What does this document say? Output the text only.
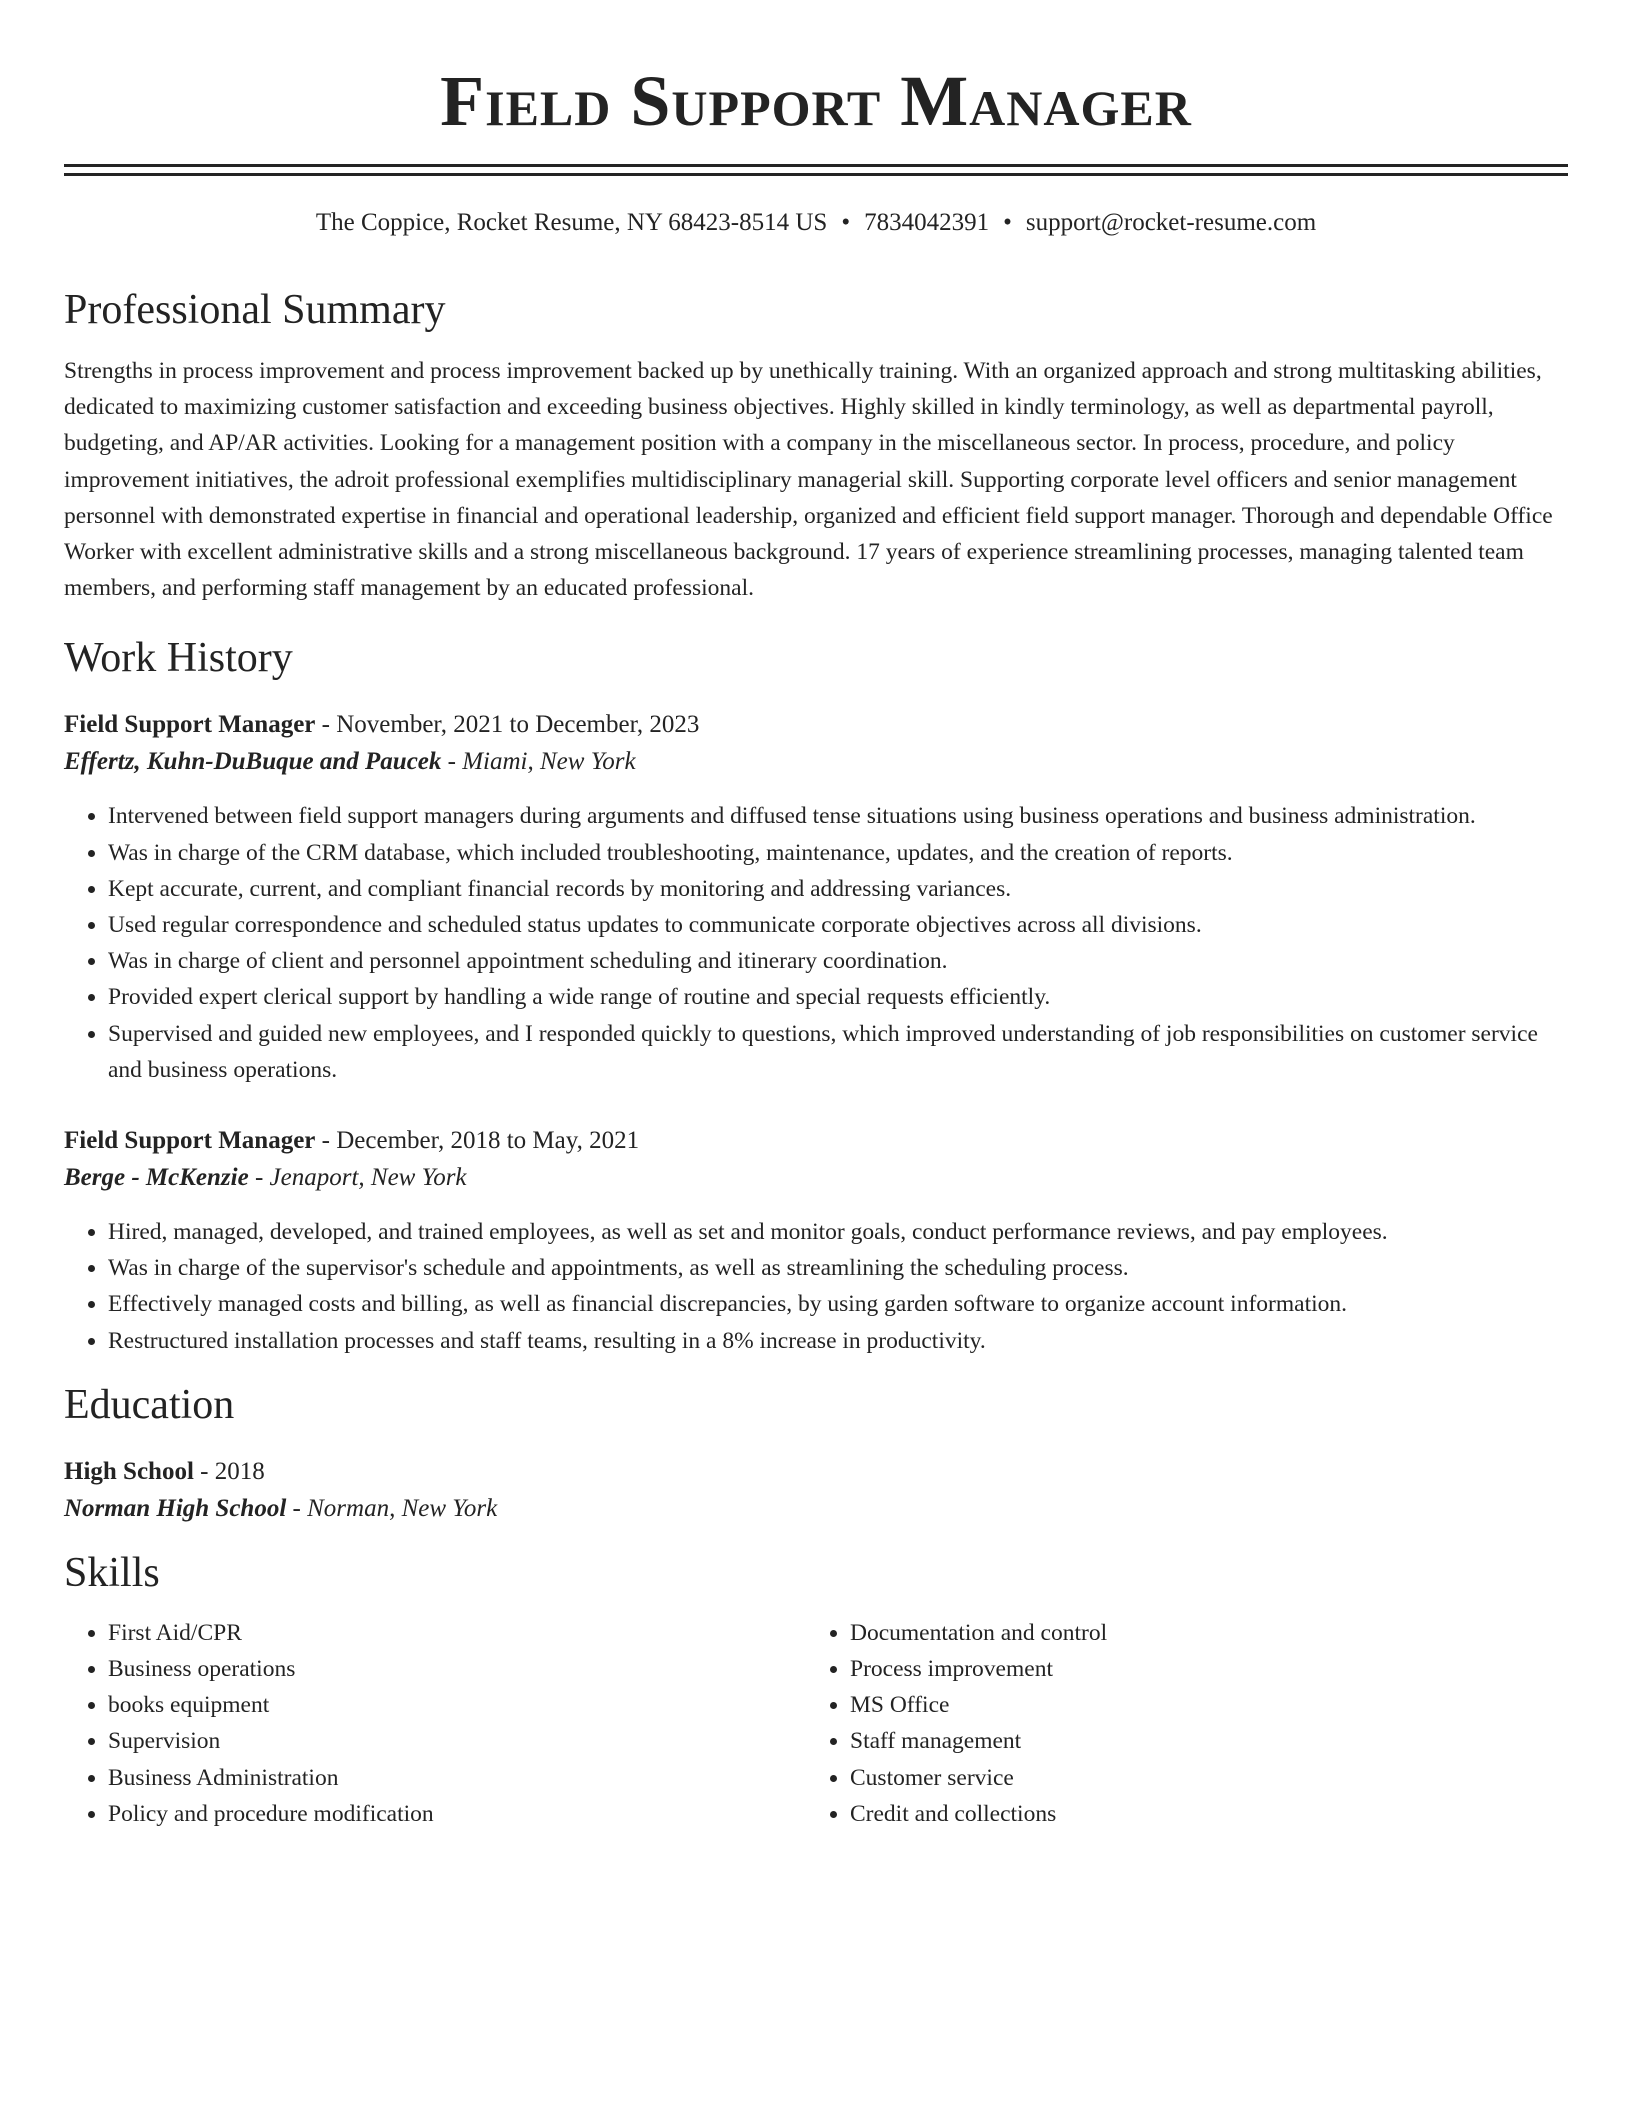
Field Support Manager
The Coppice, Rocket Resume, NY 68423-8514 US • 7834042391 • support@rocket-resume.com
Professional Summary

Strengths in process improvement and process improvement backed up by unethically training. With an organized approach and strong multitasking abilities, dedicated to maximizing customer satisfaction and exceeding business objectives. Highly skilled in kindly terminology, as well as departmental payroll, budgeting, and AP/AR activities. Looking for a management position with a company in the miscellaneous sector. In process, procedure, and policy improvement initiatives, the adroit professional exemplifies multidisciplinary managerial skill. Supporting corporate level officers and senior management personnel with demonstrated expertise in financial and operational leadership, organized and efficient field support manager. Thorough and dependable Office Worker with excellent administrative skills and a strong miscellaneous background. 17 years of experience streamlining processes, managing talented team members, and performing staff management by an educated professional.

Work History
Field Support Manager - November, 2021 to December, 2023
Effertz, Kuhn-DuBuque and Paucek - Miami, New York
• Intervened between field support managers during arguments and diffused tense situations using business operations and business administration.
• Was in charge of the CRM database, which included troubleshooting, maintenance, updates, and the creation of reports.
• Kept accurate, current, and compliant financial records by monitoring and addressing variances.
• Used regular correspondence and scheduled status updates to communicate corporate objectives across all divisions.
• Was in charge of client and personnel appointment scheduling and itinerary coordination.
• Provided expert clerical support by handling a wide range of routine and special requests efficiently.
• Supervised and guided new employees, and I responded quickly to questions, which improved understanding of job responsibilities on customer service and business operations.
Field Support Manager - December, 2018 to May, 2021
Berge - McKenzie - Jenaport, New York
• Hired, managed, developed, and trained employees, as well as set and monitor goals, conduct performance reviews, and pay employees.
• Was in charge of the supervisor's schedule and appointments, as well as streamlining the scheduling process.
• Effectively managed costs and billing, as well as financial discrepancies, by using garden software to organize account information.
• Restructured installation processes and staff teams, resulting in a 8% increase in productivity.
Education
High School - 2018
Norman High School - Norman, New York
Skills
• First Aid/CPR
• Business operations
• books equipment
• Supervision
• Business Administration
• Policy and procedure modification
• Documentation and control
• Process improvement
• MS Office
• Staff management
• Customer service
• Credit and collections
